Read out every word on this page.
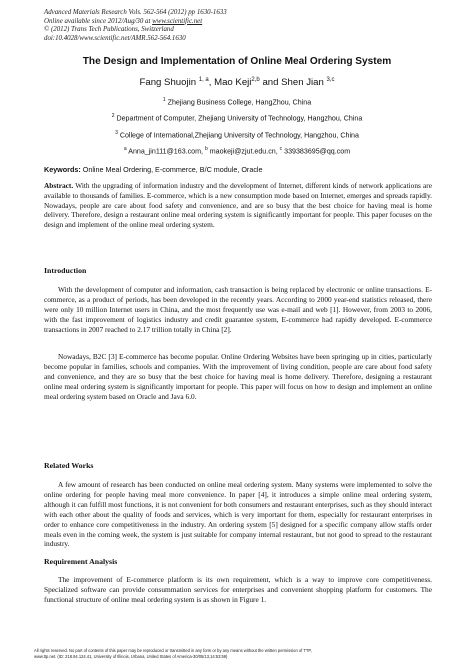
Advanced Materials Research Vols. 562-564 (2012) pp 1630-1633
Online available since 2012/Aug/30 at www.scientific.net
© (2012) Trans Tech Publications, Switzerland
doi:10.4028/www.scientific.net/AMR.562-564.1630
The Design and Implementation of Online Meal Ordering System
Fang Shuojin $^{1, a}$, Mao Keji$^{2,b}$ and Shen Jian $^{3,c}$
$^1$ Zhejiang Business College, HangZhou, China
$^2$ Department of Computer, Zhejiang University of Technology, Hangzhou, China
$^3$ College of International,Zhejiang University of Technology, Hangzhou, China
$^a$ Anna_jin111@163.com, $^b$ maokeji@zjut.edu.cn, $^c$ 339383695@qq.com
Keywords: Online Meal Ordering, E-commerce, B/C module, Oracle
Abstract. With the upgrading of information industry and the development of Internet, different kinds of network applications are available to thousands of families. E-commerce, which is a new consumption mode based on Internet, emerges and spreads rapidly. Nowadays, people are care about food safety and convenience, and are so busy that the best choice for having meal is home delivery. Therefore, design a restaurant online meal ordering system is significantly important for people. This paper focuses on the design and implement of the online meal ordering system.
Introduction
With the development of computer and information, cash transaction is being replaced by electronic or online transactions. E-commerce, as a product of periods, has been developed in the recently years. According to 2000 year-end statistics released, there were only 10 million Internet users in China, and the most frequently use was e-mail and web [1]. However, from 2003 to 2006, with the fast improvement of logistics industry and credit guarantee system, E-commerce had rapidly developed. E-commerce transactions in 2007 reached to 2.17 trillion totally in China [2].
Nowadays, B2C [3] E-commerce has become popular. Online Ordering Websites have been springing up in cities, particularly become popular in families, schools and companies. With the improvement of living condition, people are care about food safety and convenience, and they are so busy that the best choice for having meal is home delivery. Therefore, designing a restaurant online meal ordering system is significantly important for people. This paper will focus on how to design and implement an online meal ordering system based on Oracle and Java 6.0.
Related Works
A few amount of research has been conducted on online meal ordering system. Many systems were implemented to solve the online ordering for people having meal more convenience. In paper [4], it introduces a simple online meal ordering system, although it can fulfill most functions, it is not convenient for both consumers and restaurant enterprises, such as they should interact with each other about the quality of foods and services, which is very important for them, especially for restaurant enterprises in order to enhance core competitiveness in the industry. An ordering system [5] designed for a specific company allow staffs order meals even in the coming week, the system is just suitable for company internal restaurant, but not good to spread to the restaurant industry.
Requirement Analysis
The improvement of E-commerce platform is its own requirement, which is a way to improve core competitiveness. Specialized software can provide consummation services for enterprises and convenient shopping platform for customers. The functional structure of online meal ordering system is as shown in Figure 1.
All rights reserved. No part of contents of this paper may be reproduced or transmitted in any form or by any means without the written permission of TTP,
www.ttp.net. (ID: 218.94.124.41, University of Illinois, Urbana, United States of America-30/05/13,14:53:59)
